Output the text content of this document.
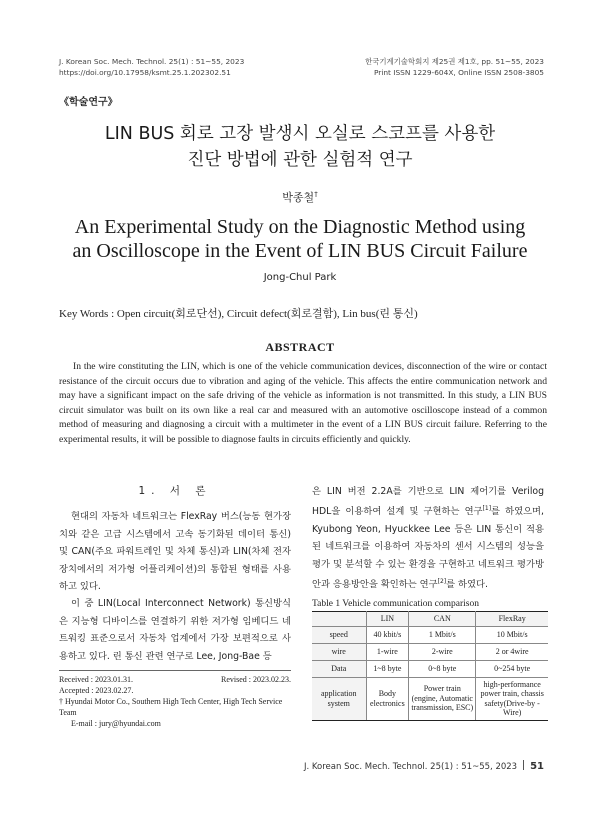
J. Korean Soc. Mech. Technol. 25(1) : 51~55, 2023
https://doi.org/10.17958/ksmt.25.1.202302.51
한국기계기술학회지 제25권 제1호, pp. 51~55, 2023
Print ISSN 1229-604X, Online ISSN 2508-3805
《학술연구》
LIN BUS 회로 고장 발생시 오실로 스코프를 사용한
진단 방법에 관한 실험적 연구
박종철†
An Experimental Study on the Diagnostic Method using
an Oscilloscope in the Event of LIN BUS Circuit Failure
Jong-Chul Park
Key Words : Open circuit(회로단선), Circuit defect(회로결함), Lin bus(린 통신)
ABSTRACT
In the wire constituting the LIN, which is one of the vehicle communication devices, disconnection of the wire or contact resistance of the circuit occurs due to vibration and aging of the vehicle. This affects the entire communication network and may have a significant impact on the safe driving of the vehicle as information is not transmitted. In this study, a LIN BUS circuit simulator was built on its own like a real car and measured with an automotive oscilloscope instead of a common method of measuring and diagnosing a circuit with a multimeter in the event of a LIN BUS circuit failure. Referring to the experimental results, it will be possible to diagnose faults in circuits efficiently and quickly.
1. 서 론
현대의 자동차 네트워크는 FlexRay 버스(능동 현가장치와 같은 고급 시스템에서 고속 동기화된 데이터 통신) 및 CAN(주요 파워트레인 및 차체 통신)과 LIN(차체 전자장치에서의 저가형 어플리케이션)의 통합된 형태를 사용하고 있다.
이 중 LIN(Local Interconnect Network) 통신방식은 지능형 디바이스를 연결하기 위한 저가형 임베디드 네트워킹 표준으로서 자동차 업계에서 가장 보편적으로 사용하고 있다. 린 통신 관련 연구로 Lee, Jong-Bae 등
은 LIN 버전 2.2A를 기반으로 LIN 제어기를 Verilog HDL을 이용하여 설계 및 구현하는 연구[1]를 하였으며, Kyubong Yeon, Hyuckkee Lee 등은 LIN 통신이 적용된 네트워크를 이용하여 자동차의 센서 시스템의 성능을 평가 및 분석할 수 있는 환경을 구현하고 네트워크 평가방안과 응용방안을 확인하는 연구[2]를 하였다.
Table 1 Vehicle communication comparison
	LIN	CAN	FlexRay
speed	40 kbit/s	1 Mbit/s	10 Mbit/s
wire	1-wire	2-wire	2 or 4wire
Data	1~8 byte	0~8 byte	0~254 byte
application system	Body electronics	Power train (engine, Automatic transmission, ESC)	high-performance power train, chassis safety(Drive-by -Wire)
Received : 2023.01.31.	Revised : 2023.02.23.
Accepted : 2023.02.27.
† Hyundai Motor Co., Southern High Tech Center, High Tech Service Team
E-mail : jury@hyundai.com
J. Korean Soc. Mech. Technol. 25(1) : 51~55, 2023 51
